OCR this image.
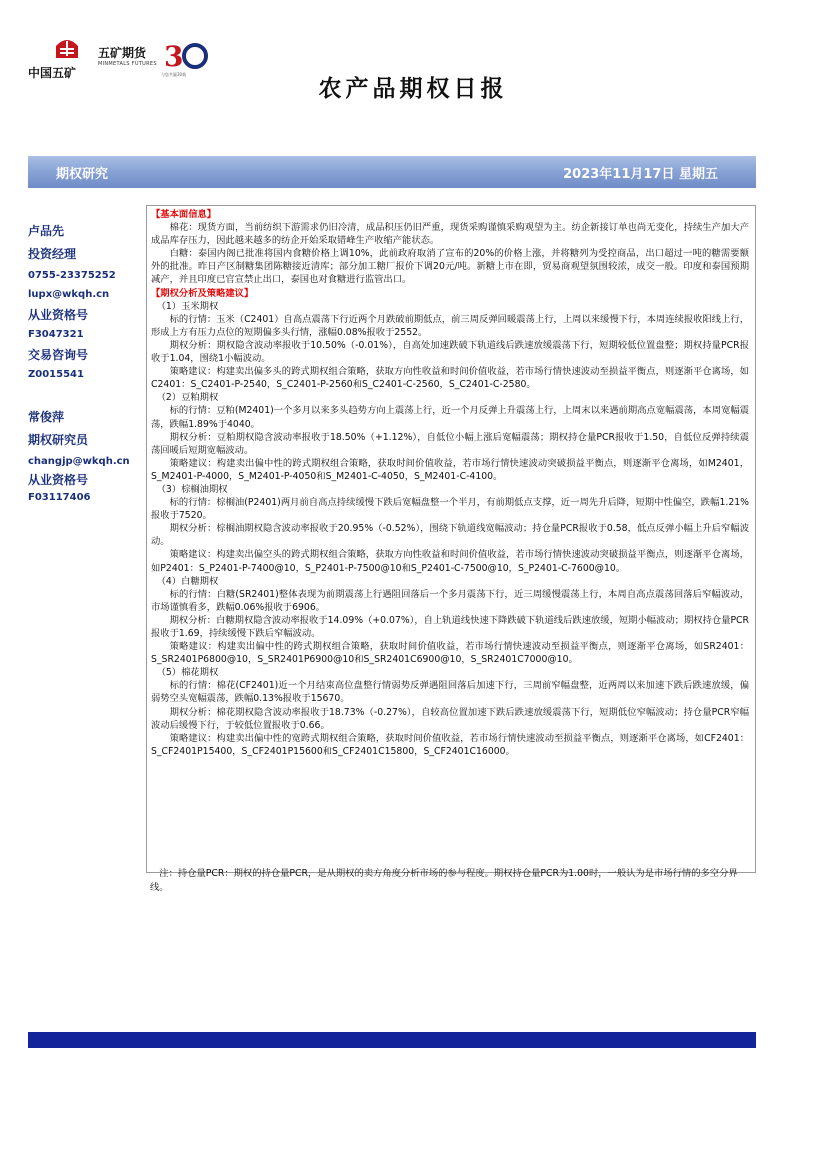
中国五矿
五矿期货
MINMETALS FUTURES 3
与您共赢30载
农产品期权日报
期权研究	2023年11月17日 星期五
卢品先
投资经理
0755-23375252
lupx@wkqh.cn
从业资格号
F3047321
交易咨询号
Z0015541
常俊萍
期权研究员
changjp@wkqh.cn
从业资格号
F03117406
【基本面信息】

棉花：现货方面，当前纺织下游需求仍旧冷清，成品积压仍旧严重，现货采购谨慎采购观望为主。纺企新接订单也尚无变化，持续生产加大产成品库存压力，因此越来越多的纺企开始采取错峰生产收缩产能状态。

白糖：泰国内阁已批准将国内食糖价格上调10%，此前政府取消了宣布的20%的价格上涨，并将糖列为受控商品，出口超过一吨的糖需要额外的批准。昨日产区制糖集团陈糖接近清库；部分加工糖厂报价下调20元/吨。新糖上市在即，贸易商观望氛围较浓，成交一般。印度和泰国预期减产，并且印度已官宣禁止出口，泰国也对食糖进行监管出口。

【期权分析及策略建议】
（1）玉米期权

标的行情：玉米（C2401）自高点震荡下行近两个月跌破前期低点，前三周反弹回暖震荡上行，上周以来缓慢下行，本周连续报收阳线上行，形成上方有压力点位的短期偏多头行情，涨幅0.08%报收于2552。

期权分析：期权隐含波动率报收于10.50%（-0.01%），自高处加速跌破下轨道线后跌速放缓震荡下行，短期较低位置盘整；期权持量PCR报收于1.04，围绕1小幅波动。

策略建议：构建卖出偏多头的跨式期权组合策略，获取方向性收益和时间价值收益，若市场行情快速波动至损益平衡点，则逐渐平仓离场，如C2401：S_C2401-P-2540，S_C2401-P-2560和S_C2401-C-2560，S_C2401-C-2580。

（2）豆粕期权

标的行情：豆粕(M2401)一个多月以来多头趋势方向上震荡上行，近一个月反弹上升震荡上行，上周末以来遇前期高点宽幅震荡，本周宽幅震荡，跌幅1.89%于4040。

期权分析：豆粕期权隐含波动率报收于18.50%（+1.12%），自低位小幅上涨后宽幅震荡；期权持仓量PCR报收于1.50，自低位反弹持续震荡回暖后短期宽幅波动。

策略建议：构建卖出偏中性的跨式期权组合策略，获取时间价值收益，若市场行情快速波动突破损益平衡点，则逐渐平仓离场，如M2401，S_M2401-P-4000，S_M2401-P-4050和S_M2401-C-4050，S_M2401-C-4100。

（3）棕榈油期权

标的行情：棕榈油(P2401)两月前自高点持续缓慢下跌后宽幅盘整一个半月，有前期低点支撑，近一周先升后降，短期中性偏空，跌幅1.21%报收于7520。

期权分析：棕榈油期权隐含波动率报收于20.95%（-0.52%），围绕下轨道线宽幅波动；持仓量PCR报收于0.58，低点反弹小幅上升后窄幅波动。

策略建议：构建卖出偏空头的跨式期权组合策略，获取方向性收益和时间价值收益，若市场行情快速波动突破损益平衡点，则逐渐平仓离场，如P2401：S_P2401-P-7400@10，S_P2401-P-7500@10和S_P2401-C-7500@10，S_P2401-C-7600@10。

（4）白糖期权

标的行情：白糖(SR2401)整体表现为前期震荡上行遇阻回落后一个多月震荡下行，近三周缓慢震荡上行，本周自高点震荡回落后窄幅波动，市场谨慎看多，跌幅0.06%报收于6906。

期权分析：白糖期权隐含波动率报收于14.09%（+0.07%），自上轨道线快速下降跌破下轨道线后跌速放缓，短期小幅波动；期权持仓量PCR报收于1.69，持续缓慢下跌后窄幅波动。

策略建议：构建卖出偏中性的跨式期权组合策略，获取时间价值收益，若市场行情快速波动至损益平衡点，则逐渐平仓离场，如SR2401：S_SR2401P6800@10，S_SR2401P6900@10和S_SR2401C6900@10，S_SR2401C7000@10。

（5）棉花期权

标的行情：棉花(CF2401)近一个月结束高位盘整行情弱势反弹遇阻回落后加速下行，三周前窄幅盘整，近两周以来加速下跌后跌速放缓，偏弱势空头宽幅震荡，跌幅0.13%报收于15670。

期权分析：棉花期权隐含波动率报收于18.73%（-0.27%），自较高位置加速下跌后跌速放缓震荡下行，短期低位窄幅波动；持仓量PCR窄幅波动后缓慢下行，于较低位置报收于0.66。

策略建议：构建卖出偏中性的宽跨式期权组合策略，获取时间价值收益，若市场行情快速波动至损益平衡点，则逐渐平仓离场，如CF2401：S_CF2401P15400，S_CF2401P15600和S_CF2401C15800，S_CF2401C16000。

注：持仓量PCR：期权的持仓量PCR，是从期权的卖方角度分析市场的参与程度。期权持仓量PCR为1.00时，一般认为是市场行情的多空分界线。
